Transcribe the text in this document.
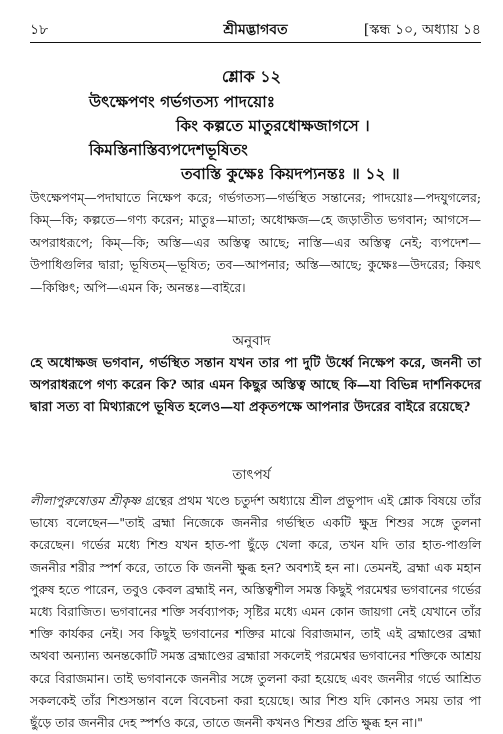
১৮	শ্রীমদ্ভাগবত	[স্কন্ধ ১০, অধ্যায় ১৪
শ্লোক ১২
উৎক্ষেপণং গর্ভগতস্য পাদয়োঃ
কিং কল্পতে মাতুরধোক্ষজাগসে ।
কিমস্তিনাস্তিব্যপদেশভূষিতং
তবাস্তি কুক্ষেঃ কিয়দপ্যনন্তঃ ॥ ১২ ॥
উৎক্ষেপণম্—পদাঘাতে নিক্ষেপ করে; গর্ভগতস্য—গর্ভস্থিত সন্তানের; পাদয়োঃ—পদযুগলের; কিম্—কি; কল্পতে—গণ্য করেন; মাতুঃ—মাতা; অধোক্ষজ—হে জড়াতীত ভগবান; আগসে—অপরাধরূপে; কিম্—কি; অস্তি—এর অস্তিত্ব আছে; নাস্তি—এর অস্তিত্ব নেই; ব্যপদেশ—উপাধিগুলির দ্বারা; ভূষিতম্—ভূষিত; তব—আপনার; অস্তি—আছে; কুক্ষেঃ—উদরের; কিয়ৎ—কিঞ্চিৎ; অপি—এমন কি; অনন্তঃ—বাইরে।
অনুবাদ
হে অধোক্ষজ ভগবান, গর্ভস্থিত সন্তান যখন তার পা দুটি উর্ধ্বে নিক্ষেপ করে, জননী তা অপরাধরূপে গণ্য করেন কি? আর এমন কিছুর অস্তিত্ব আছে কি—যা বিভিন্ন দার্শনিকদের দ্বারা সত্য বা মিথ্যারূপে ভূষিত হলেও—যা প্রকৃতপক্ষে আপনার উদরের বাইরে রয়েছে?
তাৎপর্য
লীলাপুরুষোত্তম শ্রীকৃষ্ণ গ্রন্থের প্রথম খণ্ডে চতুর্দশ অধ্যায়ে শ্রীল প্রভুপাদ এই শ্লোক বিষয়ে তাঁর ভাষ্যে বলেছেন—"তাই ব্রহ্মা নিজেকে জননীর গর্ভস্থিত একটি ক্ষুদ্র শিশুর সঙ্গে তুলনা করেছেন। গর্ভের মধ্যে শিশু যখন হাত-পা ছুঁড়ে খেলা করে, তখন যদি তার হাত-পাগুলি জননীর শরীর স্পর্শ করে, তাতে কি জননী ক্ষুব্ধ হন? অবশ্যই হন না। তেমনই, ব্রহ্মা এক মহান পুরুষ হতে পারেন, তবুও কেবল ব্রহ্মাই নন, অস্তিত্বশীল সমস্ত কিছুই পরমেশ্বর ভগবানের গর্ভের মধ্যে বিরাজিত। ভগবানের শক্তি সর্বব্যাপক; সৃষ্টির মধ্যে এমন কোন জায়গা নেই যেখানে তাঁর শক্তি কার্যকর নেই। সব কিছুই ভগবানের শক্তির মাঝে বিরাজমান, তাই এই ব্রহ্মাণ্ডের ব্রহ্মা অথবা অন্যান্য অনন্তকোটি সমস্ত ব্রহ্মাণ্ডের ব্রহ্মারা সকলেই পরমেশ্বর ভগবানের শক্তিকে আশ্রয় করে বিরাজমান। তাই ভগবানকে জননীর সঙ্গে তুলনা করা হয়েছে এবং জননীর গর্ভে আশ্রিত সকলকেই তাঁর শিশুসন্তান বলে বিবেচনা করা হয়েছে। আর শিশু যদি কোনও সময় তার পা ছুঁড়ে তার জননীর দেহ স্পর্শও করে, তাতে জননী কখনও শিশুর প্রতি ক্ষুব্ধ হন না।"
